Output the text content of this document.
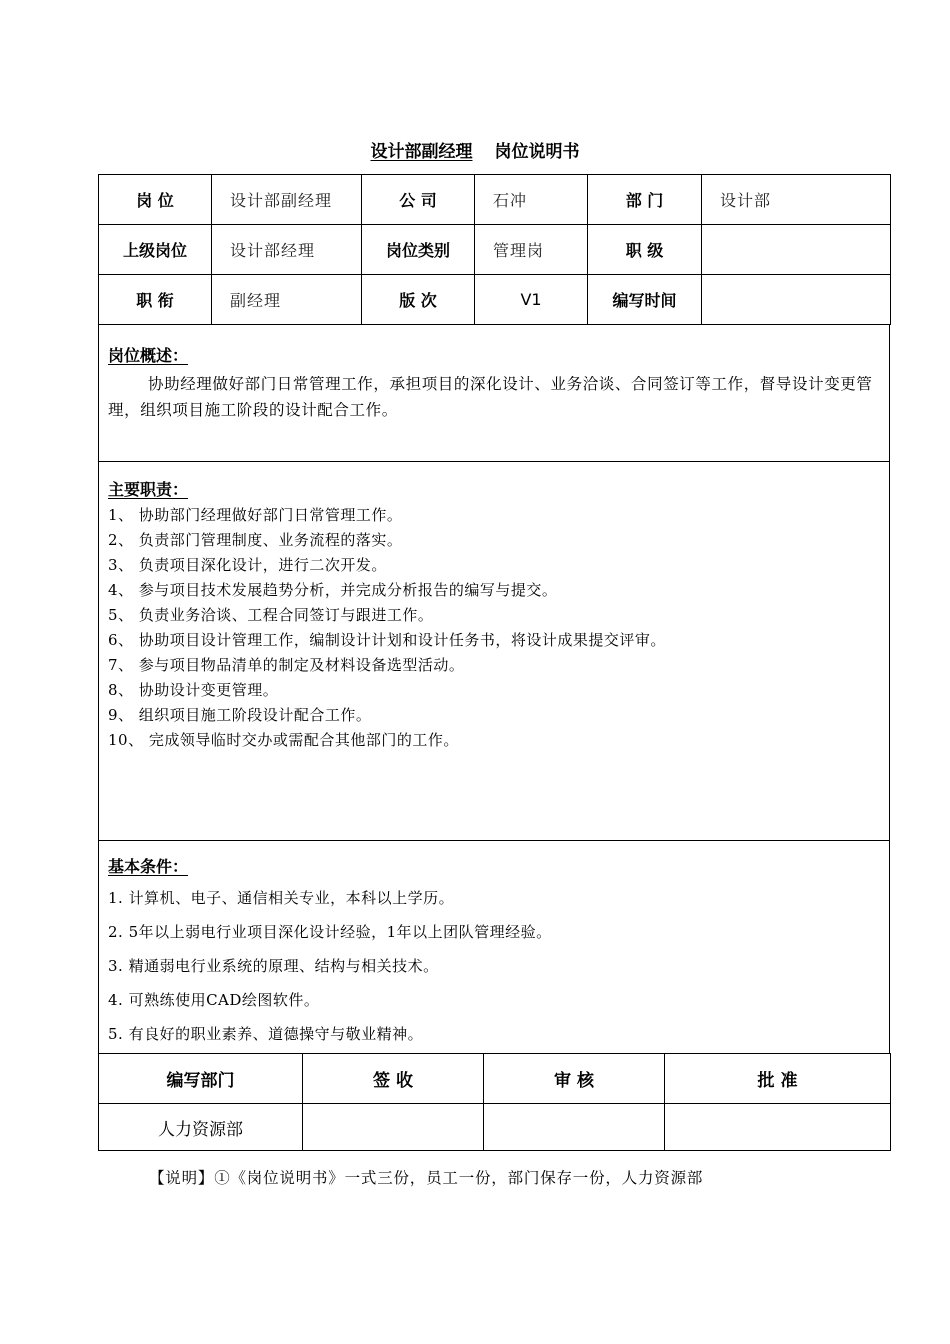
设计部副经理 岗位说明书
岗 位	设计部副经理	公 司	石冲	部 门	设计部
上级岗位	设计部经理	岗位类别	管理岗	职 级	
职 衔	副经理	版 次	V1	编写时间	
岗位概述：
协助经理做好部门日常管理工作，承担项目的深化设计、业务洽谈、合同签订等工作，督导设计变更管理，组织项目施工阶段的设计配合工作。
主要职责：
1、 协助部门经理做好部门日常管理工作。
2、 负责部门管理制度、业务流程的落实。
3、 负责项目深化设计，进行二次开发。
4、 参与项目技术发展趋势分析，并完成分析报告的编写与提交。
5、 负责业务洽谈、工程合同签订与跟进工作。
6、 协助项目设计管理工作，编制设计计划和设计任务书，将设计成果提交评审。
7、 参与项目物品清单的制定及材料设备选型活动。
8、 协助设计变更管理。
9、 组织项目施工阶段设计配合工作。
10、 完成领导临时交办或需配合其他部门的工作。
基本条件：
1. 计算机、电子、通信相关专业，本科以上学历。
2. 5年以上弱电行业项目深化设计经验，1年以上团队管理经验。
3. 精通弱电行业系统的原理、结构与相关技术。
4. 可熟练使用CAD绘图软件。
5. 有良好的职业素养、道德操守与敬业精神。
编写部门	签 收	审 核	批 准
人力资源部			
【说明】①《岗位说明书》一式三份，员工一份，部门保存一份，人力资源部
